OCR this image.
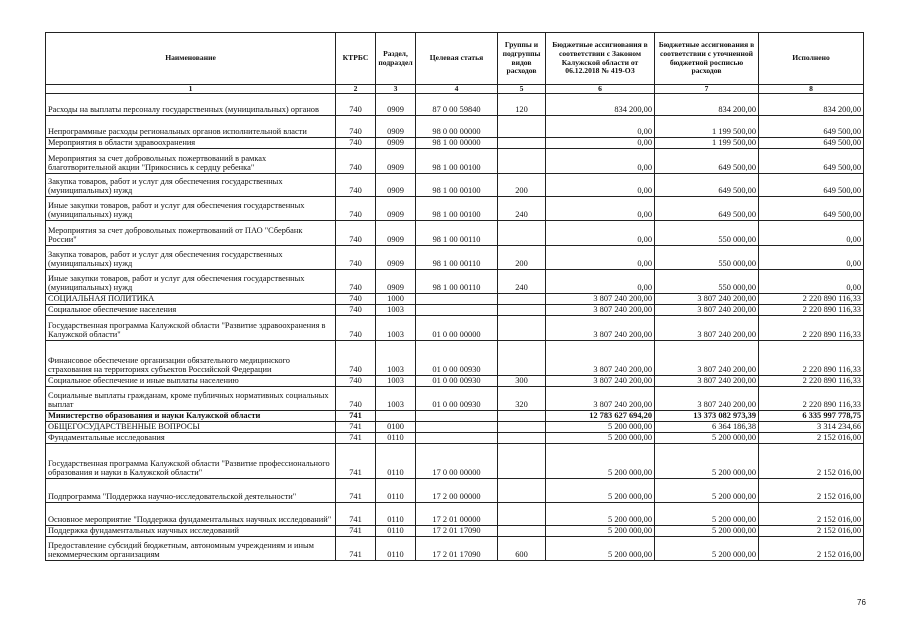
Наименование	КТРБС	Раздел, подраздел	Целевая статья	Группы и подгруппы видов расходов	Бюджетные ассигнования в соответствии с Законом Калужской области от 06.12.2018 № 419-ОЗ	Бюджетные ассигнования в соответствии с уточненной бюджетной росписью расходов	Исполнено
1	2	3	4	5	6	7	8
Расходы на выплаты персоналу государственных (муниципальных) органов	740	0909	87 0 00 59840	120	834 200,00	834 200,00	834 200,00
Непрограммные расходы региональных органов исполнительной власти	740	0909	98 0 00 00000		0,00	1 199 500,00	649 500,00
Мероприятия в области здравоохранения	740	0909	98 1 00 00000		0,00	1 199 500,00	649 500,00
Мероприятия за счет добровольных пожертвований в рамках благотворительной акции "Прикоснись к сердцу ребенка"	740	0909	98 1 00 00100		0,00	649 500,00	649 500,00
Закупка товаров, работ и услуг для обеспечения государственных (муниципальных) нужд	740	0909	98 1 00 00100	200	0,00	649 500,00	649 500,00
Иные закупки товаров, работ и услуг для обеспечения государственных (муниципальных) нужд	740	0909	98 1 00 00100	240	0,00	649 500,00	649 500,00
Мероприятия за счет добровольных пожертвований от ПАО "Сбербанк России"	740	0909	98 1 00 00110		0,00	550 000,00	0,00
Закупка товаров, работ и услуг для обеспечения государственных (муниципальных) нужд	740	0909	98 1 00 00110	200	0,00	550 000,00	0,00
Иные закупки товаров, работ и услуг для обеспечения государственных (муниципальных) нужд	740	0909	98 1 00 00110	240	0,00	550 000,00	0,00
СОЦИАЛЬНАЯ ПОЛИТИКА	740	1000			3 807 240 200,00	3 807 240 200,00	2 220 890 116,33
Социальное обеспечение населения	740	1003			3 807 240 200,00	3 807 240 200,00	2 220 890 116,33
Государственная программа Калужской области "Развитие здравоохранения в Калужской области"	740	1003	01 0 00 00000		3 807 240 200,00	3 807 240 200,00	2 220 890 116,33
Финансовое обеспечение организации обязательного медицинского страхования на территориях субъектов Российской Федерации	740	1003	01 0 00 00930		3 807 240 200,00	3 807 240 200,00	2 220 890 116,33
Социальное обеспечение и иные выплаты населению	740	1003	01 0 00 00930	300	3 807 240 200,00	3 807 240 200,00	2 220 890 116,33
Социальные выплаты гражданам, кроме публичных нормативных социальных выплат	740	1003	01 0 00 00930	320	3 807 240 200,00	3 807 240 200,00	2 220 890 116,33
Министерство образования и науки Калужской области	741				12 783 627 694,20	13 373 082 973,39	6 335 997 778,75
ОБЩЕГОСУДАРСТВЕННЫЕ ВОПРОСЫ	741	0100			5 200 000,00	6 364 186,38	3 314 234,66
Фундаментальные исследования	741	0110			5 200 000,00	5 200 000,00	2 152 016,00
Государственная программа Калужской области "Развитие профессионального образования и науки в Калужской области"	741	0110	17 0 00 00000		5 200 000,00	5 200 000,00	2 152 016,00
Подпрограмма "Поддержка научно-исследовательской деятельности"	741	0110	17 2 00 00000		5 200 000,00	5 200 000,00	2 152 016,00
Основное мероприятие "Поддержка фундаментальных научных исследований"	741	0110	17 2 01 00000		5 200 000,00	5 200 000,00	2 152 016,00
Поддержка фундаментальных научных исследований	741	0110	17 2 01 17090		5 200 000,00	5 200 000,00	2 152 016,00
Предоставление субсидий бюджетным, автономным учреждениям и иным некоммерческим организациям	741	0110	17 2 01 17090	600	5 200 000,00	5 200 000,00	2 152 016,00
76
